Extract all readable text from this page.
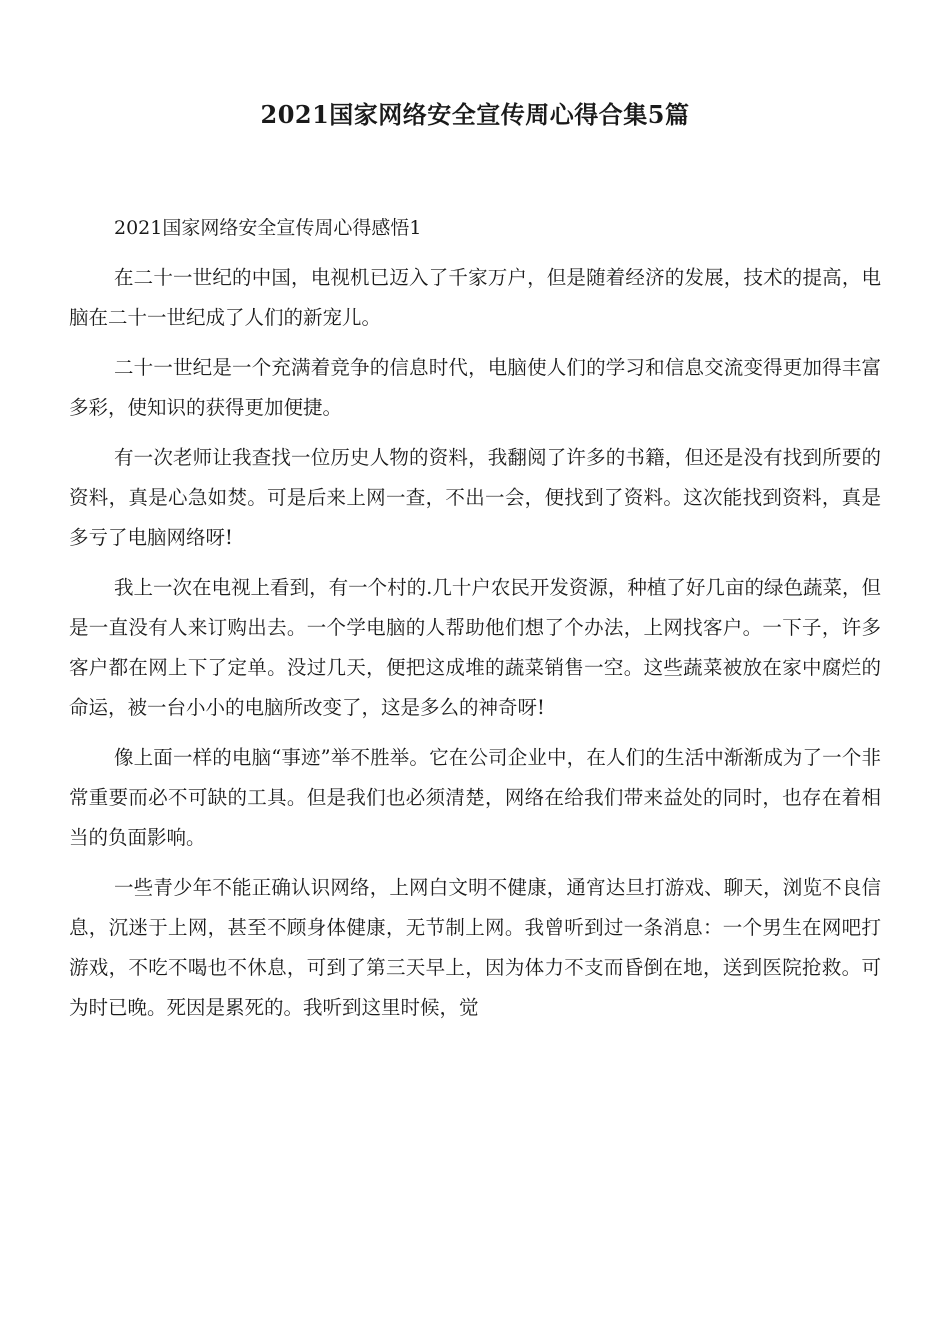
2021国家网络安全宣传周心得合集5篇

2021国家网络安全宣传周心得感悟1

在二十一世纪的中国，电视机已迈入了千家万户，但是随着经济的发展，技术的提高，电脑在二十一世纪成了人们的新宠儿。

二十一世纪是一个充满着竞争的信息时代，电脑使人们的学习和信息交流变得更加得丰富多彩，使知识的获得更加便捷。

有一次老师让我查找一位历史人物的资料，我翻阅了许多的书籍，但还是没有找到所要的资料，真是心急如焚。可是后来上网一查，不出一会，便找到了资料。这次能找到资料，真是多亏了电脑网络呀!

我上一次在电视上看到，有一个村的.几十户农民开发资源，种植了好几亩的绿色蔬菜，但是一直没有人来订购出去。一个学电脑的人帮助他们想了个办法，上网找客户。一下子，许多客户都在网上下了定单。没过几天，便把这成堆的蔬菜销售一空。这些蔬菜被放在家中腐烂的命运，被一台小小的电脑所改变了，这是多么的神奇呀!

像上面一样的电脑“事迹”举不胜举。它在公司企业中，在人们的生活中渐渐成为了一个非常重要而必不可缺的工具。但是我们也必须清楚，网络在给我们带来益处的同时，也存在着相当的负面影响。

一些青少年不能正确认识网络，上网白文明不健康，通宵达旦打游戏、聊天，浏览不良信息，沉迷于上网，甚至不顾身体健康，无节制上网。我曾听到过一条消息：一个男生在网吧打游戏，不吃不喝也不休息，可到了第三天早上，因为体力不支而昏倒在地，送到医院抢救。可为时已晚。死因是累死的。我听到这里时候，觉
